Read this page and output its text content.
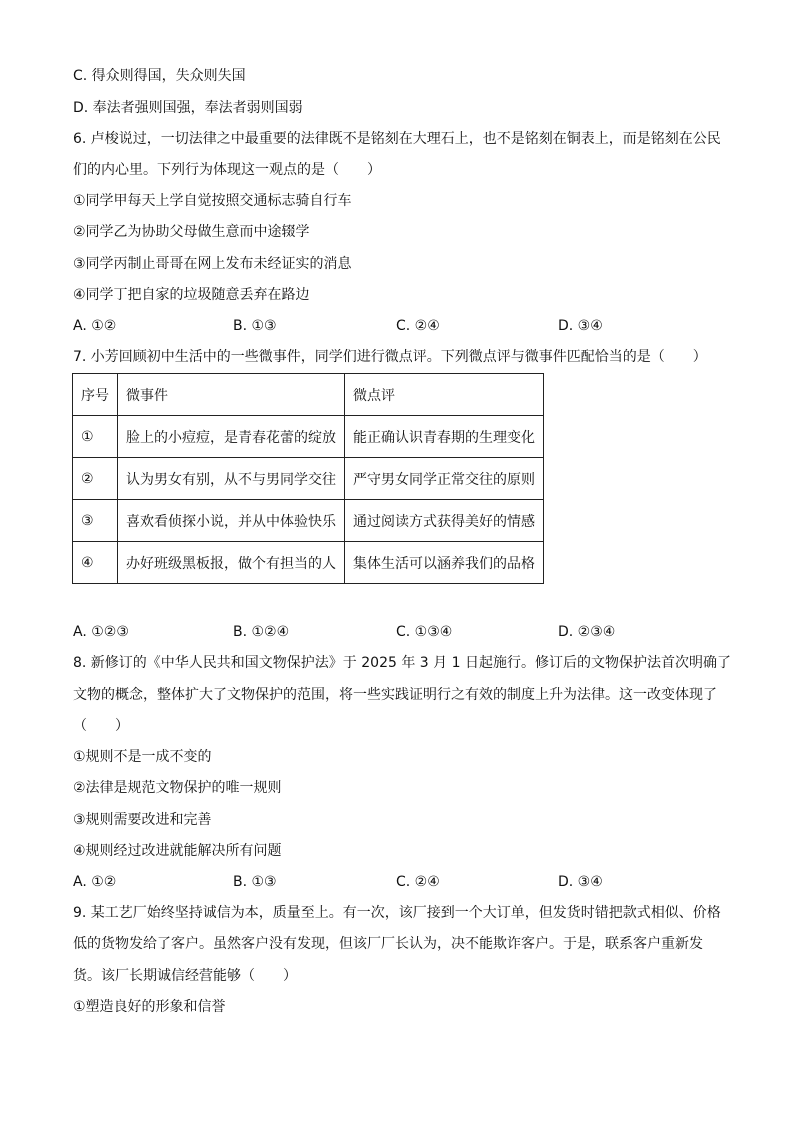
C. 得众则得国，失众则失国
D. 奉法者强则国强，奉法者弱则国弱
6. 卢梭说过，一切法律之中最重要的法律既不是铭刻在大理石上，也不是铭刻在铜表上，而是铭刻在公民
们的内心里。下列行为体现这一观点的是（　　）
①同学甲每天上学自觉按照交通标志骑自行车
②同学乙为协助父母做生意而中途辍学
③同学丙制止哥哥在网上发布未经证实的消息
④同学丁把自家的垃圾随意丢弃在路边
A. ①②	B. ①③	C. ②④	D. ③④
7. 小芳回顾初中生活中的一些微事件，同学们进行微点评。下列微点评与微事件匹配恰当的是（　　）
序号	微事件	微点评
①	脸上的小痘痘，是青春花蕾的绽放	能正确认识青春期的生理变化
②	认为男女有别，从不与男同学交往	严守男女同学正常交往的原则
③	喜欢看侦探小说，并从中体验快乐	通过阅读方式获得美好的情感
④	办好班级黑板报，做个有担当的人	集体生活可以涵养我们的品格
A. ①②③	B. ①②④	C. ①③④	D. ②③④
8. 新修订的《中华人民共和国文物保护法》于 2025 年 3 月 1 日起施行。修订后的文物保护法首次明确了
文物的概念，整体扩大了文物保护的范围，将一些实践证明行之有效的制度上升为法律。这一改变体现了
（　　）
①规则不是一成不变的
②法律是规范文物保护的唯一规则
③规则需要改进和完善
④规则经过改进就能解决所有问题
A. ①②	B. ①③	C. ②④	D. ③④
9. 某工艺厂始终坚持诚信为本，质量至上。有一次，该厂接到一个大订单，但发货时错把款式相似、价格
低的货物发给了客户。虽然客户没有发现，但该厂厂长认为，决不能欺诈客户。于是，联系客户重新发
货。该厂长期诚信经营能够（　　）
①塑造良好的形象和信誉
